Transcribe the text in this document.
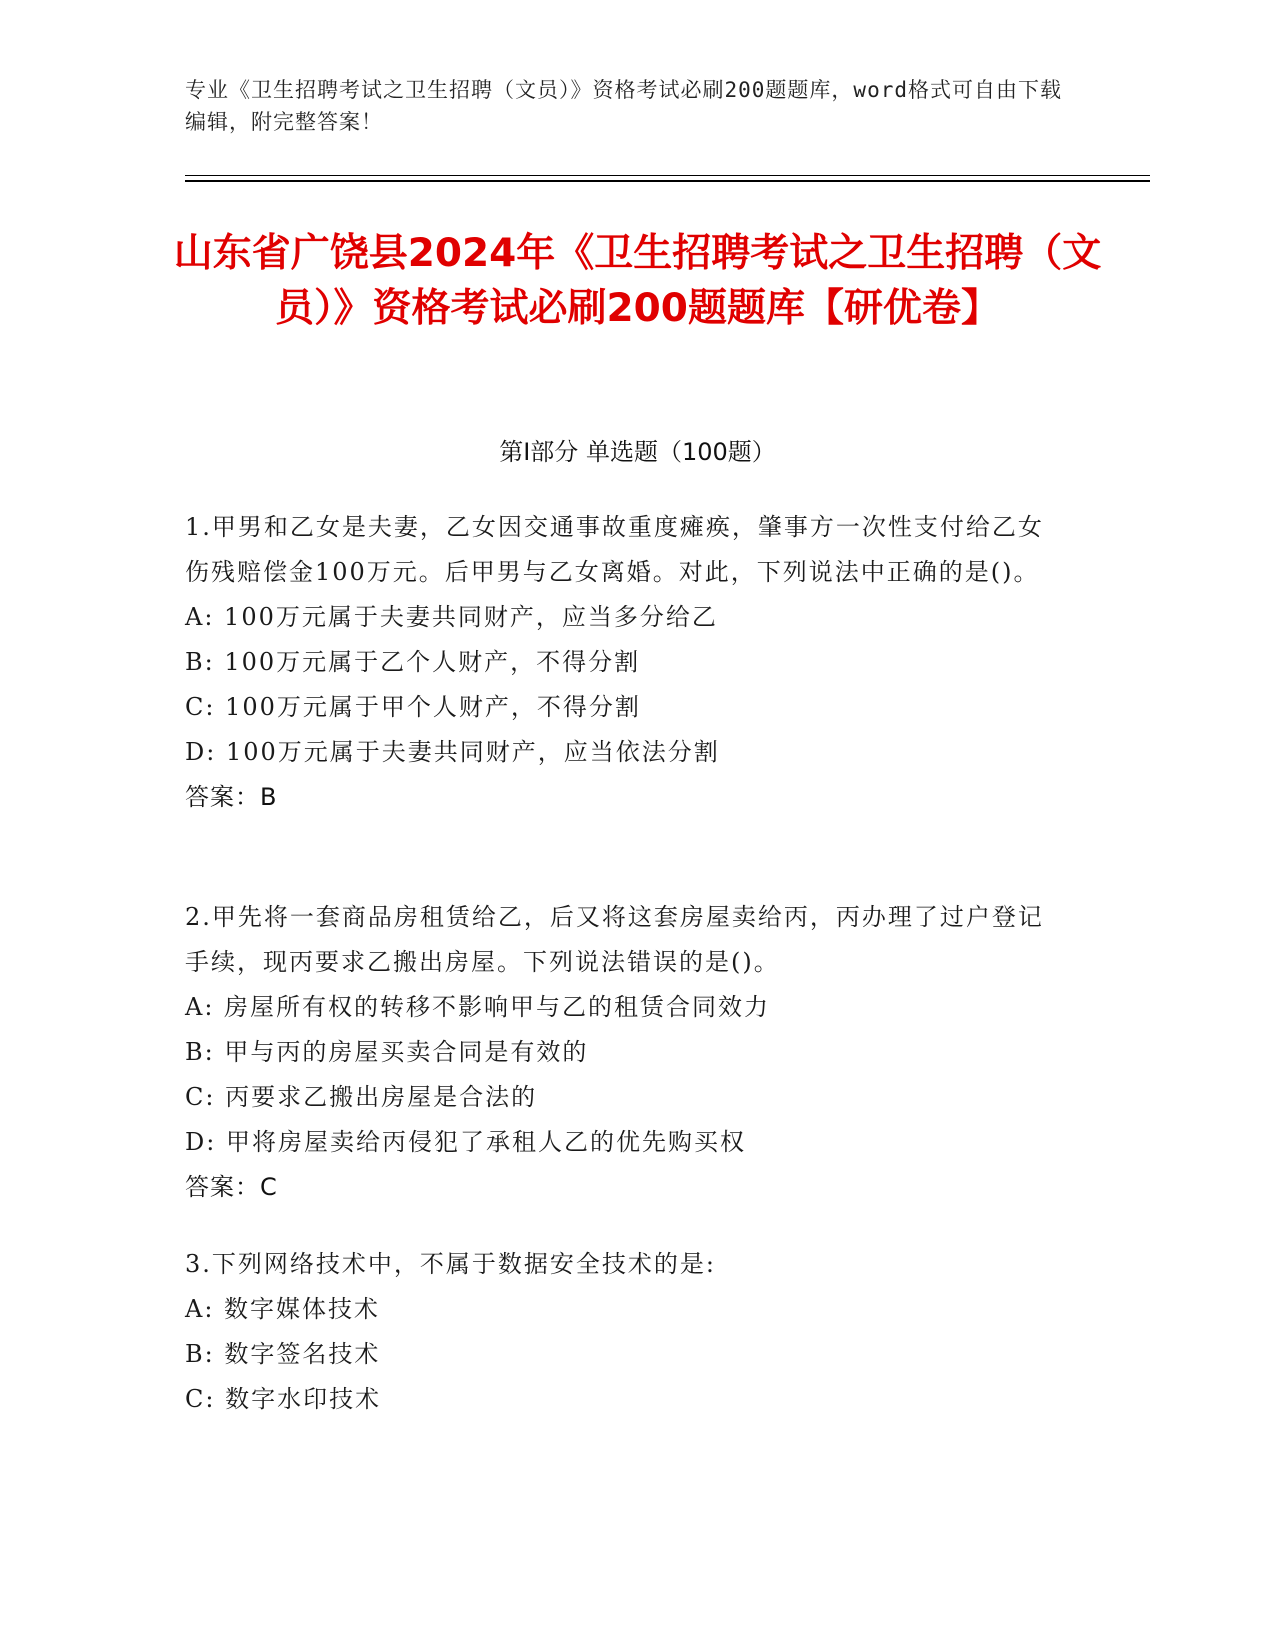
专业《卫生招聘考试之卫生招聘（文员）》资格考试必刷200题题库，word格式可自由下载编辑，附完整答案！
山东省广饶县2024年《卫生招聘考试之卫生招聘（文员）》资格考试必刷200题题库【研优卷】
第I部分 单选题（100题）
1.甲男和乙女是夫妻，乙女因交通事故重度瘫痪，肇事方一次性支付给乙女伤残赔偿金100万元。后甲男与乙女离婚。对此，下列说法中正确的是()。
A: 100万元属于夫妻共同财产，应当多分给乙
B: 100万元属于乙个人财产，不得分割
C: 100万元属于甲个人财产，不得分割
D: 100万元属于夫妻共同财产，应当依法分割
答案：B
2.甲先将一套商品房租赁给乙，后又将这套房屋卖给丙，丙办理了过户登记手续，现丙要求乙搬出房屋。下列说法错误的是()。
A: 房屋所有权的转移不影响甲与乙的租赁合同效力
B: 甲与丙的房屋买卖合同是有效的
C: 丙要求乙搬出房屋是合法的
D: 甲将房屋卖给丙侵犯了承租人乙的优先购买权
答案：C
3.下列网络技术中，不属于数据安全技术的是:
A: 数字媒体技术
B: 数字签名技术
C: 数字水印技术
